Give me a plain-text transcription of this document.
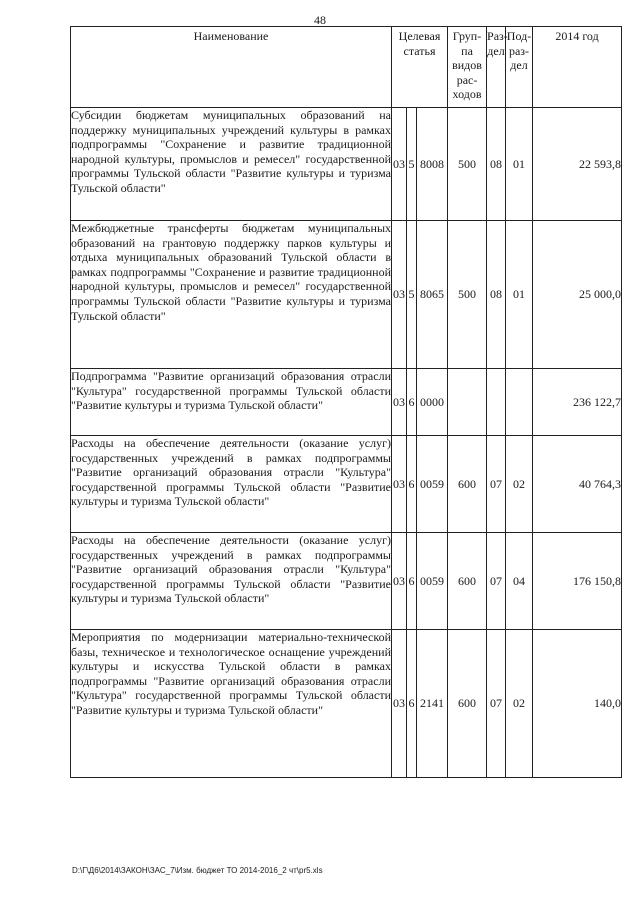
48
Наименование	Целевая статья			Груп-па видов рас-ходов	Раз-дел	Под-раз-дел	2014 год
Субсидии бюджетам муниципальных образований на поддержку муниципальных учреждений культуры в рамках подпрограммы "Сохранение и развитие традиционной народной культуры, промыслов и ремесел" государственной программы Тульской области "Развитие культуры и туризма Тульской области"	03	5	8008	500	08	01	22 593,8
Межбюджетные трансферты бюджетам муниципальных образований на грантовую поддержку парков культуры и отдыха муниципальных образований Тульской области в рамках подпрограммы "Сохранение и развитие традиционной народной культуры, промыслов и ремесел" государственной программы Тульской области "Развитие культуры и туризма Тульской области"	03	5	8065	500	08	01	25 000,0
Подпрограмма "Развитие организаций образования отрасли "Культура" государственной программы Тульской области "Развитие культуры и туризма Тульской области"	03	6	0000				236 122,7
Расходы на обеспечение деятельности (оказание услуг) государственных учреждений в рамках подпрограммы "Развитие организаций образования отрасли "Культура" государственной программы Тульской области "Развитие культуры и туризма Тульской области"	03	6	0059	600	07	02	40 764,3
Расходы на обеспечение деятельности (оказание услуг) государственных учреждений в рамках подпрограммы "Развитие организаций образования отрасли "Культура" государственной программы Тульской области "Развитие культуры и туризма Тульской области"	03	6	0059	600	07	04	176 150,8
Мероприятия по модернизации материально-технической базы, техническое и технологическое оснащение учреждений культуры и искусства Тульской области в рамках подпрограммы "Развитие организаций образования отрасли "Культура" государственной программы Тульской области "Развитие культуры и туризма Тульской области"	03	6	2141	600	07	02	140,0
D:\Г\Д6\2014\ЗАКОН\ЗАС_7\Изм. бюджет ТО 2014-2016_2 чт\pr5.xls
